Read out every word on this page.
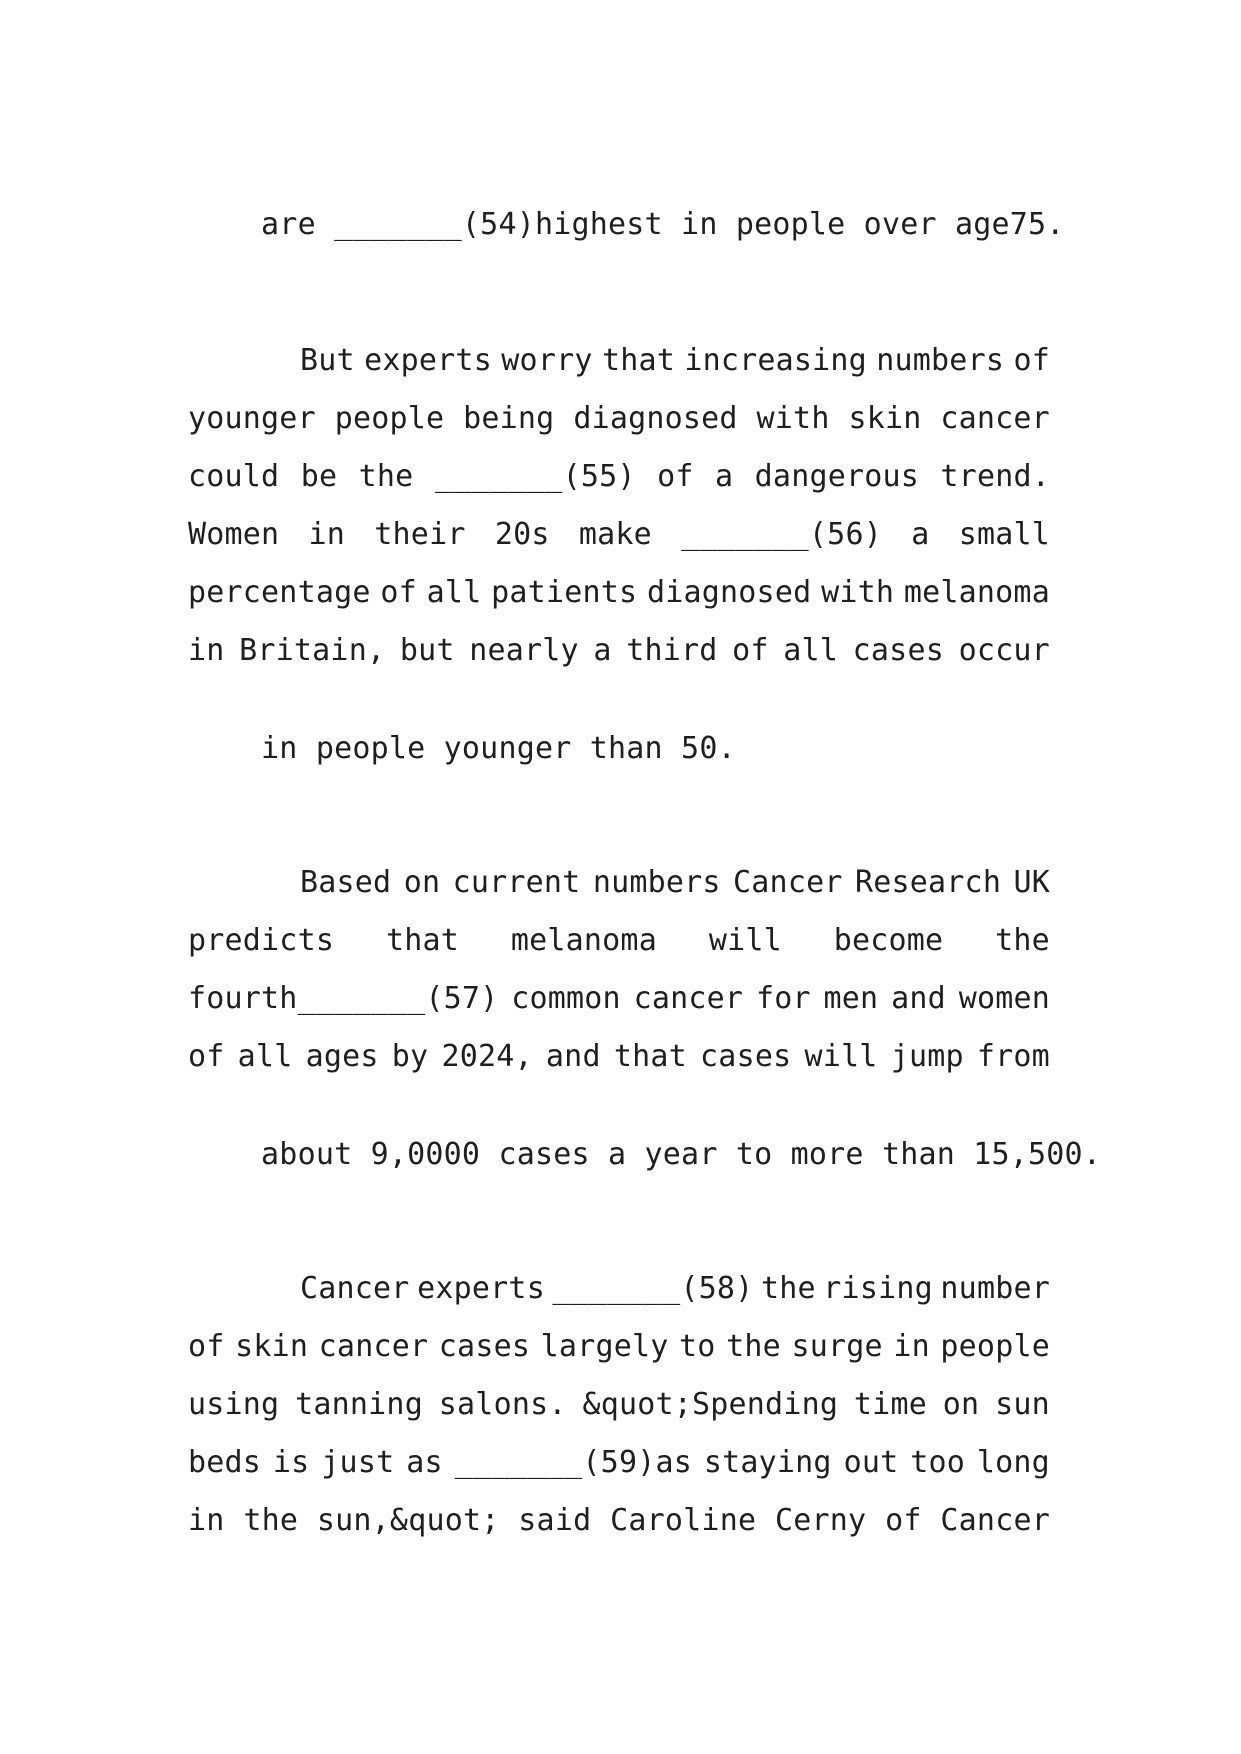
are _______(54)highest in people over age75.

But experts worry that increasing numbers of
younger people being diagnosed with skin cancer
could be the _______(55) of a dangerous trend.
Women in their 20s make _______(56) a small
percentage of all patients diagnosed with melanoma
in Britain, but nearly a third of all cases occur

in people younger than 50.

Based on current numbers Cancer Research UK
predicts that melanoma will become the
fourth_______(57) common cancer for men and women
of all ages by 2024, and that cases will jump from

about 9,0000 cases a year to more than 15,500.

Cancer experts _______(58) the rising number
of skin cancer cases largely to the surge in people
using tanning salons. &quot;Spending time on sun
beds is just as _______(59)as staying out too long
in the sun,&quot; said Caroline Cerny of Cancer
